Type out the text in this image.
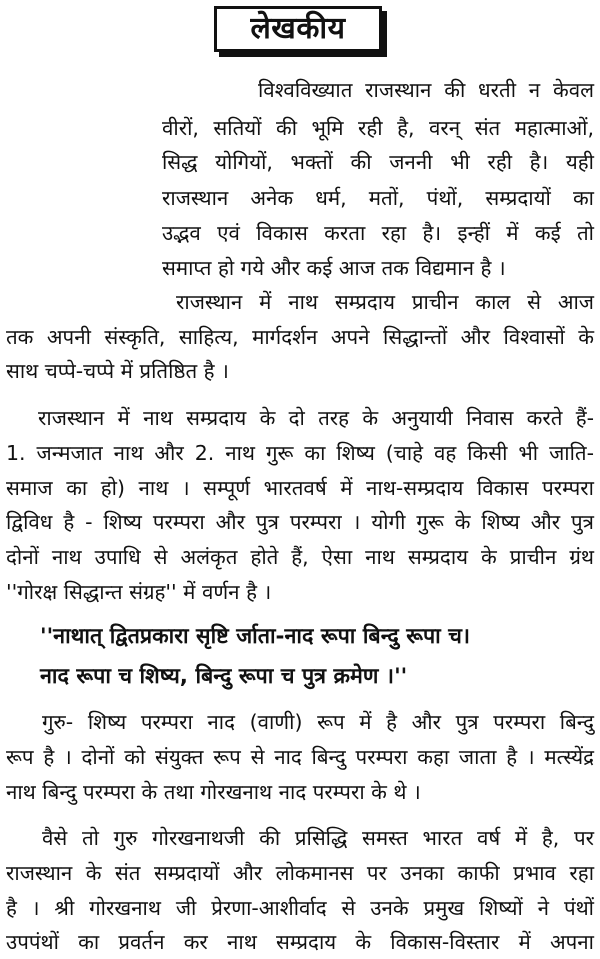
लेखकीय
विश्वविख्यात राजस्थान की धरती न केवल
वीरों, सतियों की भूमि रही है, वरन् संत महात्माओं,
सिद्ध योगियों, भक्तों की जननी भी रही है। यही
राजस्थान अनेक धर्म, मतों, पंथों, सम्प्रदायों का
उद्भव एवं विकास करता रहा है। इन्हीं में कई तो
समाप्त हो गये और कई आज तक विद्यमान है ।
राजस्थान में नाथ सम्प्रदाय प्राचीन काल से आज
तक अपनी संस्कृति, साहित्य, मार्गदर्शन अपने सिद्धान्तों और विश्वासों के
साथ चप्पे-चप्पे में प्रतिष्ठित है ।
राजस्थान में नाथ सम्प्रदाय के दो तरह के अनुयायी निवास करते हैं-
1. जन्मजात नाथ और 2. नाथ गुरू का शिष्य (चाहे वह किसी भी जाति-
समाज का हो) नाथ । सम्पूर्ण भारतवर्ष में नाथ-सम्प्रदाय विकास परम्परा
द्विविध है - शिष्य परम्परा और पुत्र परम्परा । योगी गुरू के शिष्य और पुत्र
दोनों नाथ उपाधि से अलंकृत होते हैं, ऐसा नाथ सम्प्रदाय के प्राचीन ग्रंथ
''गोरक्ष सिद्धान्त संग्रह'' में वर्णन है ।
''नाथात् द्वितप्रकारा सृष्टि र्जाता-नाद रूपा बिन्दु रूपा च।
नाद रूपा च शिष्य, बिन्दु रूपा च पुत्र क्रमेण ।''
गुरु- शिष्य परम्परा नाद (वाणी) रूप में है और पुत्र परम्परा बिन्दु
रूप है । दोनों को संयुक्त रूप से नाद बिन्दु परम्परा कहा जाता है । मत्स्येंद्र
नाथ बिन्दु परम्परा के तथा गोरखनाथ नाद परम्परा के थे ।
वैसे तो गुरु गोरखनाथजी की प्रसिद्धि समस्त भारत वर्ष में है, पर
राजस्थान के संत सम्प्रदायों और लोकमानस पर उनका काफी प्रभाव रहा
है । श्री गोरखनाथ जी प्रेरणा-आशीर्वाद से उनके प्रमुख शिष्यों ने पंथों
उपपंथों का प्रवर्तन कर नाथ सम्प्रदाय के विकास-विस्तार में अपना
